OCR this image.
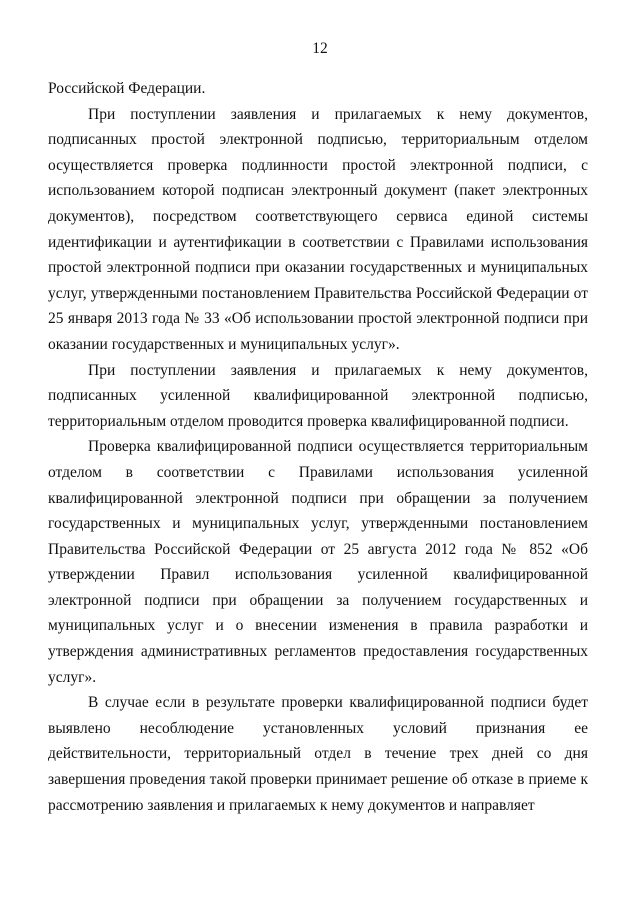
12

Российской Федерации.

При поступлении заявления и прилагаемых к нему документов, подписанных простой электронной подписью, территориальным отделом осуществляется проверка подлинности простой электронной подписи, с использованием которой подписан электронный документ (пакет электронных документов), посредством соответствующего сервиса единой системы идентификации и аутентификации в соответствии с Правилами использования простой электронной подписи при оказании государственных и муниципальных услуг, утвержденными постановлением Правительства Российской Федерации от 25 января 2013 года № 33 «Об использовании простой электронной подписи при оказании государственных и муниципальных услуг».

При поступлении заявления и прилагаемых к нему документов, подписанных усиленной квалифицированной электронной подписью, территориальным отделом проводится проверка квалифицированной подписи.

Проверка квалифицированной подписи осуществляется территориальным отделом в соответствии с Правилами использования усиленной квалифицированной электронной подписи при обращении за получением государственных и муниципальных услуг, утвержденными постановлением Правительства Российской Федерации от 25 августа 2012 года № 852 «Об утверждении Правил использования усиленной квалифицированной электронной подписи при обращении за получением государственных и муниципальных услуг и о внесении изменения в правила разработки и утверждения административных регламентов предоставления государственных услуг».

В случае если в результате проверки квалифицированной подписи будет выявлено несоблюдение установленных условий признания ее действительности, территориальный отдел в течение трех дней со дня завершения проведения такой проверки принимает решение об отказе в приеме к рассмотрению заявления и прилагаемых к нему документов и направляет
